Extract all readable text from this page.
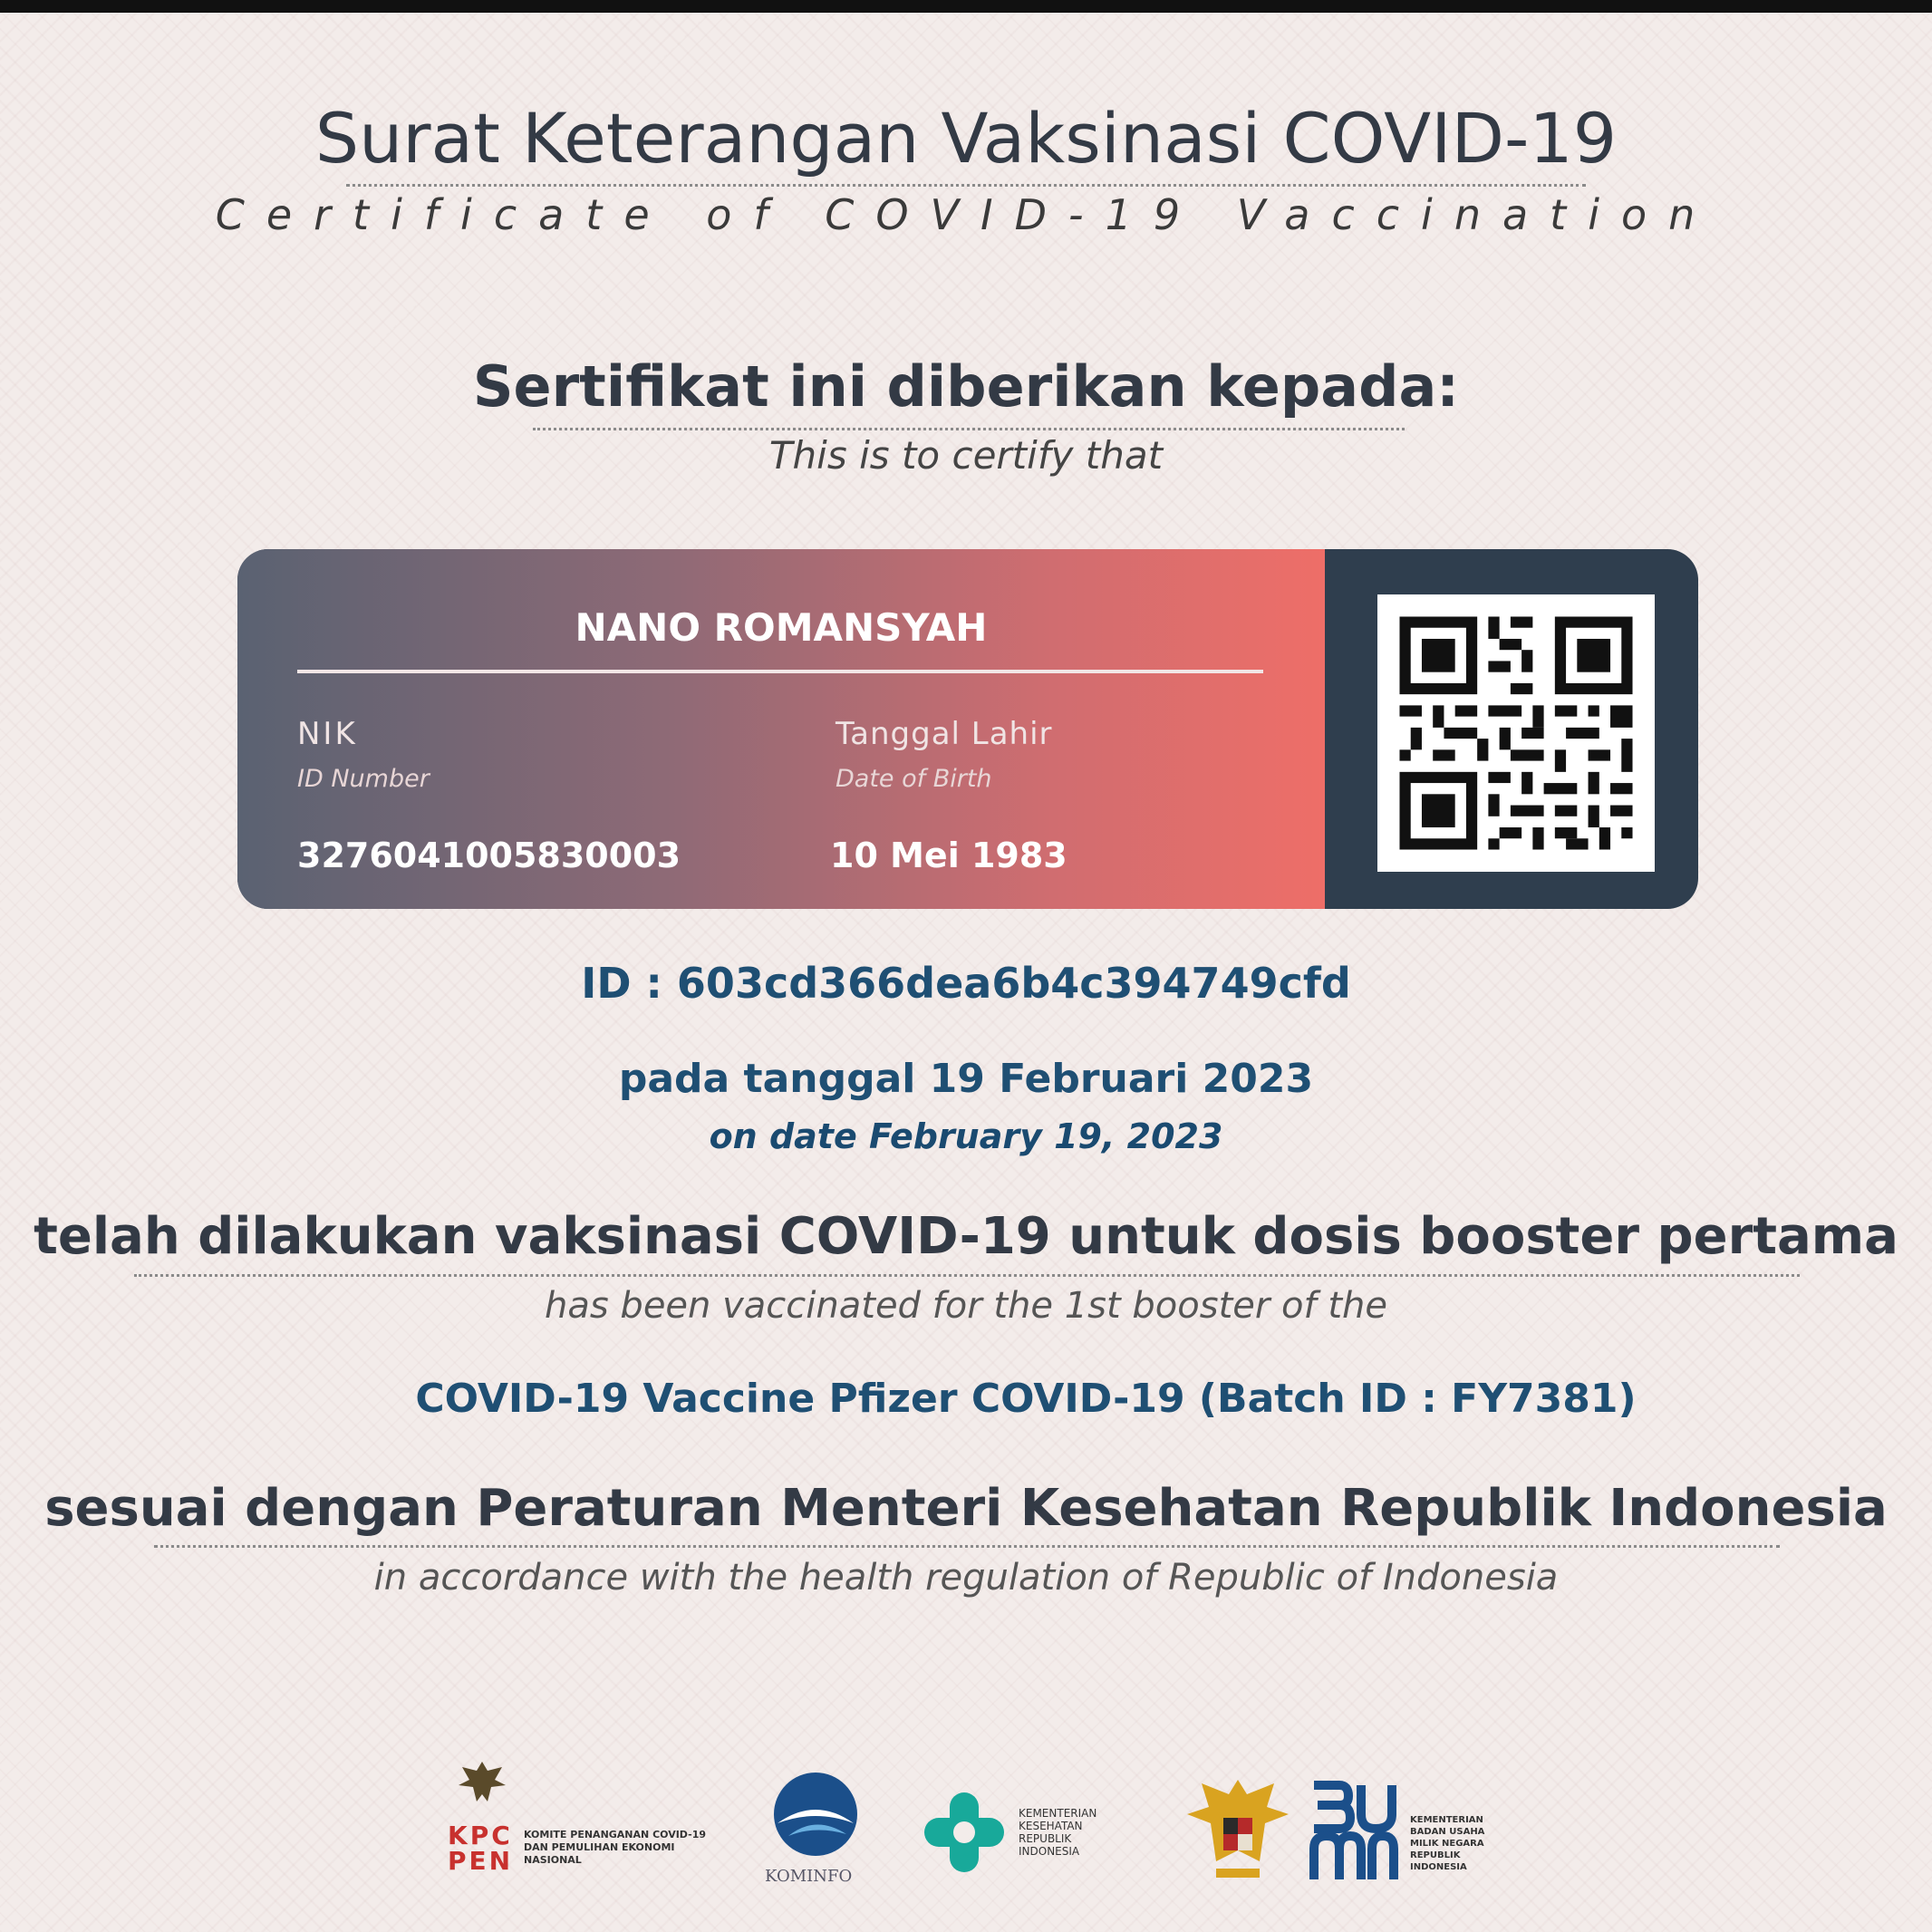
Surat Keterangan Vaksinasi COVID-19
Certificate of COVID-19 Vaccination
Sertifikat ini diberikan kepada:
This is to certify that
NANO ROMANSYAH
NIK
ID Number
3276041005830003
Tanggal Lahir
Date of Birth
10 Mei 1983
ID : 603cd366dea6b4c394749cfd
pada tanggal 19 Februari 2023
on date February 19, 2023
telah dilakukan vaksinasi COVID-19 untuk dosis booster pertama
has been vaccinated for the 1st booster of the
COVID-19 Vaccine Pfizer COVID-19 (Batch ID : FY7381)
sesuai dengan Peraturan Menteri Kesehatan Republik Indonesia
in accordance with the health regulation of Republic of Indonesia
KPC
PEN
KOMITE PENANGANAN COVID-19 DAN PEMULIHAN EKONOMI NASIONAL
KOMINFO
KEMENTERIAN KESEHATAN REPUBLIK INDONESIA
KEMENTERIAN BADAN USAHA MILIK NEGARA REPUBLIK INDONESIA
